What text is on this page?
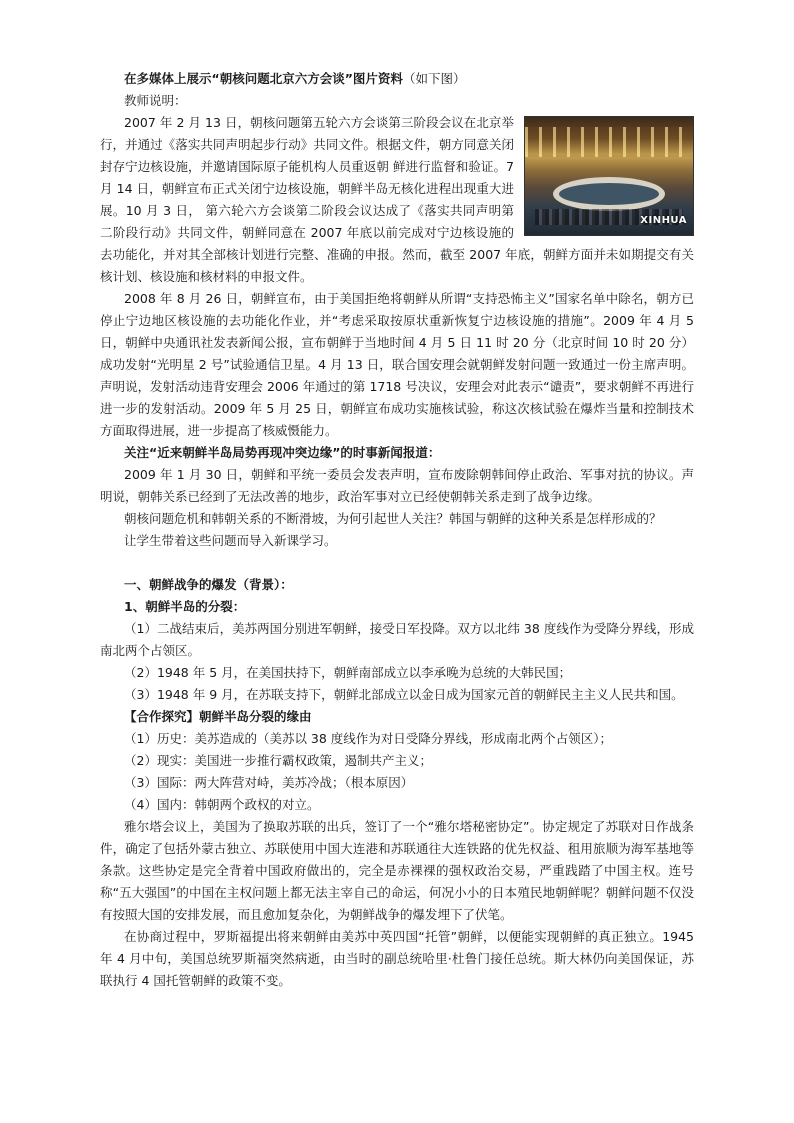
在多媒体上展示“朝核问题北京六方会谈”图片资料（如下图）

教师说明：

XINHUA

2007 年 2 月 13 日，朝核问题第五轮六方会谈第三阶段会议在北京举行，并通过《落实共同声明起步行动》共同文件。根据文件，朝方同意关闭封存宁边核设施，并邀请国际原子能机构人员重返朝 鲜进行监督和验证。7 月 14 日，朝鲜宣布正式关闭宁边核设施，朝鲜半岛无核化进程出现重大进展。10 月 3 日， 第六轮六方会谈第二阶段会议达成了《落实共同声明第二阶段行动》共同文件，朝鲜同意在 2007 年底以前完成对宁边核设施的去功能化，并对其全部核计划进行完整、准确的申报。然而，截至 2007 年底，朝鲜方面并未如期提交有关核计划、核设施和核材料的申报文件。

2008 年 8 月 26 日，朝鲜宣布，由于美国拒绝将朝鲜从所谓“支持恐怖主义”国家名单中除名，朝方已停止宁边地区核设施的去功能化作业，并“考虑采取按原状重新恢复宁边核设施的措施”。2009 年 4 月 5 日，朝鲜中央通讯社发表新闻公报，宣布朝鲜于当地时间 4 月 5 日 11 时 20 分（北京时间 10 时 20 分）成功发射“光明星 2 号”试验通信卫星。4 月 13 日，联合国安理会就朝鲜发射问题一致通过一份主席声明。声明说，发射活动违背安理会 2006 年通过的第 1718 号决议，安理会对此表示“谴责”，要求朝鲜不再进行进一步的发射活动。2009 年 5 月 25 日，朝鲜宣布成功实施核试验，称这次核试验在爆炸当量和控制技术方面取得进展，进一步提高了核威慑能力。

关注“近来朝鲜半岛局势再现冲突边缘”的时事新闻报道：

2009 年 1 月 30 日，朝鲜和平统一委员会发表声明，宣布废除朝韩间停止政治、军事对抗的协议。声明说，朝韩关系已经到了无法改善的地步，政治军事对立已经使朝韩关系走到了战争边缘。

朝核问题危机和韩朝关系的不断滑坡，为何引起世人关注？韩国与朝鲜的这种关系是怎样形成的？

让学生带着这些问题而导入新课学习。

一、朝鲜战争的爆发（背景）：

1、朝鲜半岛的分裂：

（1）二战结束后，美苏两国分别进军朝鲜，接受日军投降。双方以北纬 38 度线作为受降分界线，形成南北两个占领区。

（2）1948 年 5 月，在美国扶持下，朝鲜南部成立以李承晚为总统的大韩民国；

（3）1948 年 9 月，在苏联支持下，朝鲜北部成立以金日成为国家元首的朝鲜民主主义人民共和国。

【合作探究】朝鲜半岛分裂的缘由

（1）历史：美苏造成的（美苏以 38 度线作为对日受降分界线，形成南北两个占领区）；

（2）现实：美国进一步推行霸权政策，遏制共产主义；

（3）国际：两大阵营对峙，美苏冷战；（根本原因）

（4）国内：韩朝两个政权的对立。

雅尔塔会议上，美国为了换取苏联的出兵，签订了一个“雅尔塔秘密协定”。协定规定了苏联对日作战条件，确定了包括外蒙古独立、苏联使用中国大连港和苏联通往大连铁路的优先权益、租用旅顺为海军基地等条款。这些协定是完全背着中国政府做出的，完全是赤裸裸的强权政治交易，严重践踏了中国主权。连号称“五大强国”的中国在主权问题上都无法主宰自己的命运，何况小小的日本殖民地朝鲜呢？朝鲜问题不仅没有按照大国的安排发展，而且愈加复杂化，为朝鲜战争的爆发埋下了伏笔。

在协商过程中，罗斯福提出将来朝鲜由美苏中英四国“托管”朝鲜，以便能实现朝鲜的真正独立。1945 年 4 月中旬，美国总统罗斯福突然病逝，由当时的副总统哈里·杜鲁门接任总统。斯大林仍向美国保证，苏联执行 4 国托管朝鲜的政策不变。
